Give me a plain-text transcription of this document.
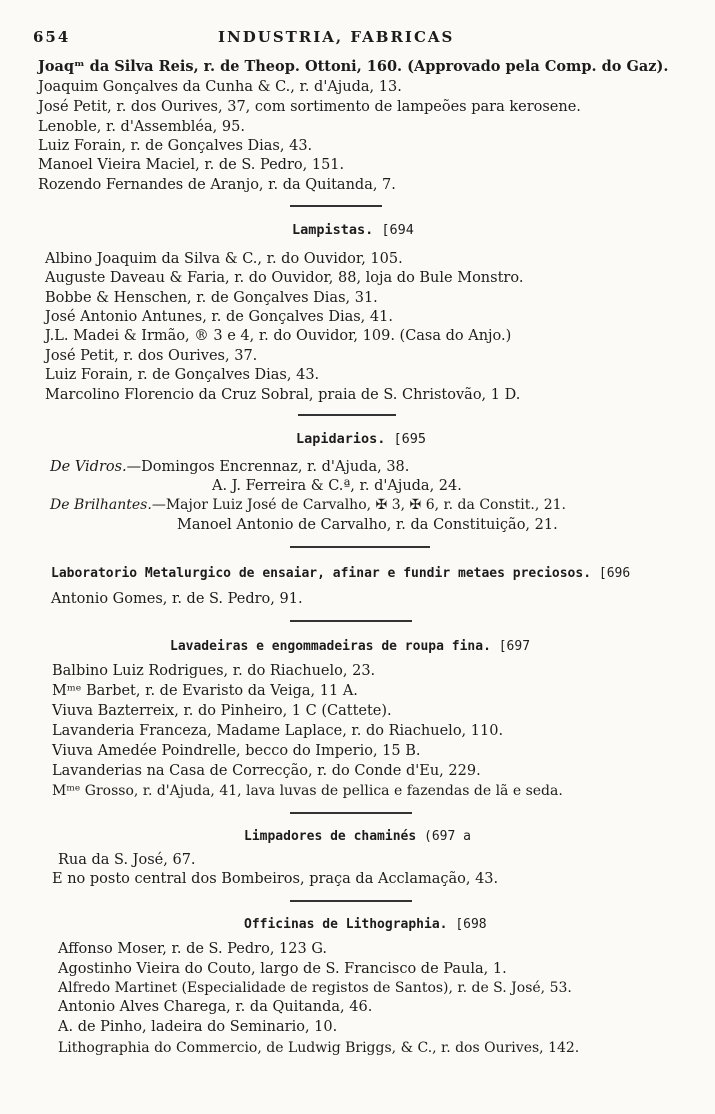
654	INDUSTRIA, FABRICAS
Joaqᵐ da Silva Reis, r. de Theop. Ottoni, 160. (Approvado pela Comp. do Gaz).
Joaquim Gonçalves da Cunha & C., r. d'Ajuda, 13.
José Petit, r. dos Ourives, 37, com sortimento de lampeões para kerosene.
Lenoble, r. d'Assembléa, 95.
Luiz Forain, r. de Gonçalves Dias, 43.
Manoel Vieira Maciel, r. de S. Pedro, 151.
Rozendo Fernandes de Aranjo, r. da Quitanda, 7.
Lampistas. [694
Albino Joaquim da Silva & C., r. do Ouvidor, 105.
Auguste Daveau & Faria, r. do Ouvidor, 88, loja do Bule Monstro.
Bobbe & Henschen, r. de Gonçalves Dias, 31.
José Antonio Antunes, r. de Gonçalves Dias, 41.
J.L. Madei & Irmão, ® 3 e 4, r. do Ouvidor, 109. (Casa do Anjo.)
José Petit, r. dos Ourives, 37.
Luiz Forain, r. de Gonçalves Dias, 43.
Marcolino Florencio da Cruz Sobral, praia de S. Christovão, 1 D.
Lapidarios. [695
De Vidros.—Domingos Encrennaz, r. d'Ajuda, 38.
A. J. Ferreira & C.ª, r. d'Ajuda, 24.
De Brilhantes.—Major Luiz José de Carvalho, ✠ 3, ✠ 6, r. da Constit., 21.
Manoel Antonio de Carvalho, r. da Constituição, 21.
Laboratorio Metalurgico de ensaiar, afinar e fundir metaes preciosos. [696
Antonio Gomes, r. de S. Pedro, 91.
Lavadeiras e engommadeiras de roupa fina. [697
Balbino Luiz Rodrigues, r. do Riachuelo, 23.
Mᵐᵉ Barbet, r. de Evaristo da Veiga, 11 A.
Viuva Bazterreix, r. do Pinheiro, 1 C (Cattete).
Lavanderia Franceza, Madame Laplace, r. do Riachuelo, 110.
Viuva Amedée Poindrelle, becco do Imperio, 15 B.
Lavanderias na Casa de Correcção, r. do Conde d'Eu, 229.
Mᵐᵉ Grosso, r. d'Ajuda, 41, lava luvas de pellica e fazendas de lã e seda.
Limpadores de chaminés (697 a
Rua da S. José, 67.
E no posto central dos Bombeiros, praça da Acclamação, 43.
Officinas de Lithographia. [698
Affonso Moser, r. de S. Pedro, 123 G.
Agostinho Vieira do Couto, largo de S. Francisco de Paula, 1.
Alfredo Martinet (Especialidade de registos de Santos), r. de S. José, 53.
Antonio Alves Charega, r. da Quitanda, 46.
A. de Pinho, ladeira do Seminario, 10.
Lithographia do Commercio, de Ludwig Briggs, & C., r. dos Ourives, 142.
